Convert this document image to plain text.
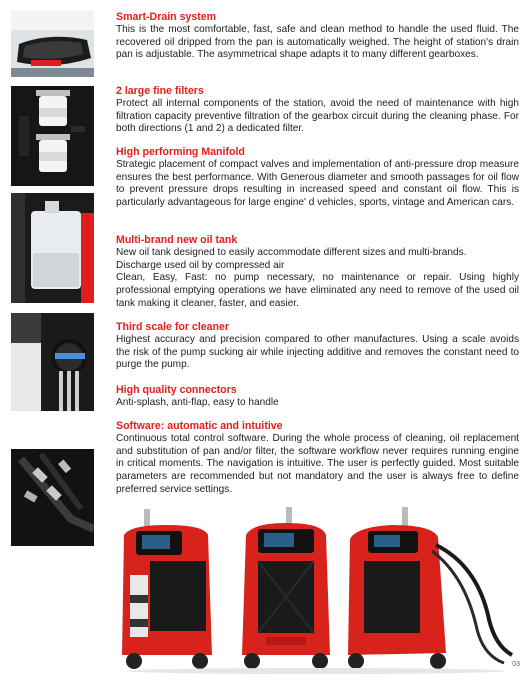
Smart-Drain system

This is the most comfortable, fast, safe and clean method to handle the used fluid. The recovered oil dripped from the pan is automatically weighed. The height of station's drain pan is adjustable. The asymmetrical shape adapts it to many different gearboxes.

2 large fine filters

Protect all internal components of the station, avoid the need of maintenance with high filtration capacity preventive filtration of the gearbox circuit during the cleaning phase. For both directions (1 and 2) a dedicated filter.

High performing Manifold

Strategic placement of compact valves and implementation of anti-pressure drop measure ensures the best performance. With Generous diameter and smooth passages for oil flow to prevent pressure drops resulting in increased speed and constant oil flow. This is particularly advantageous for large engine' d vehicles, sports, vintage and American cars.

Multi-brand new oil tank

New oil tank designed to easily accommodate different sizes and multi-brands.

Discharge used oil by compressed air

Clean, Easy, Fast: no pump necessary, no maintenance or repair. Using highly professional emptying operations we have eliminated any need to remove of the used oil tank making it cleaner, faster, and easier.

Third scale for cleaner

Highest accuracy and precision compared to other manufactures. Using a scale avoids the risk of the pump sucking air while injecting additive and removes the constant need to purge the pump.

High quality connectors

Anti-splash, anti-flap, easy to handle

Software: automatic and intuitive

Continuous total control software. During the whole process of cleaning, oil replacement and substitution of pan and/or filter, the software workflow never requires running engine in critical moments. The navigation is intuitive. The user is perfectly guided. Most suitable parameters are recommended but not mandatory and the user is always free to define preferred service settings.

03
